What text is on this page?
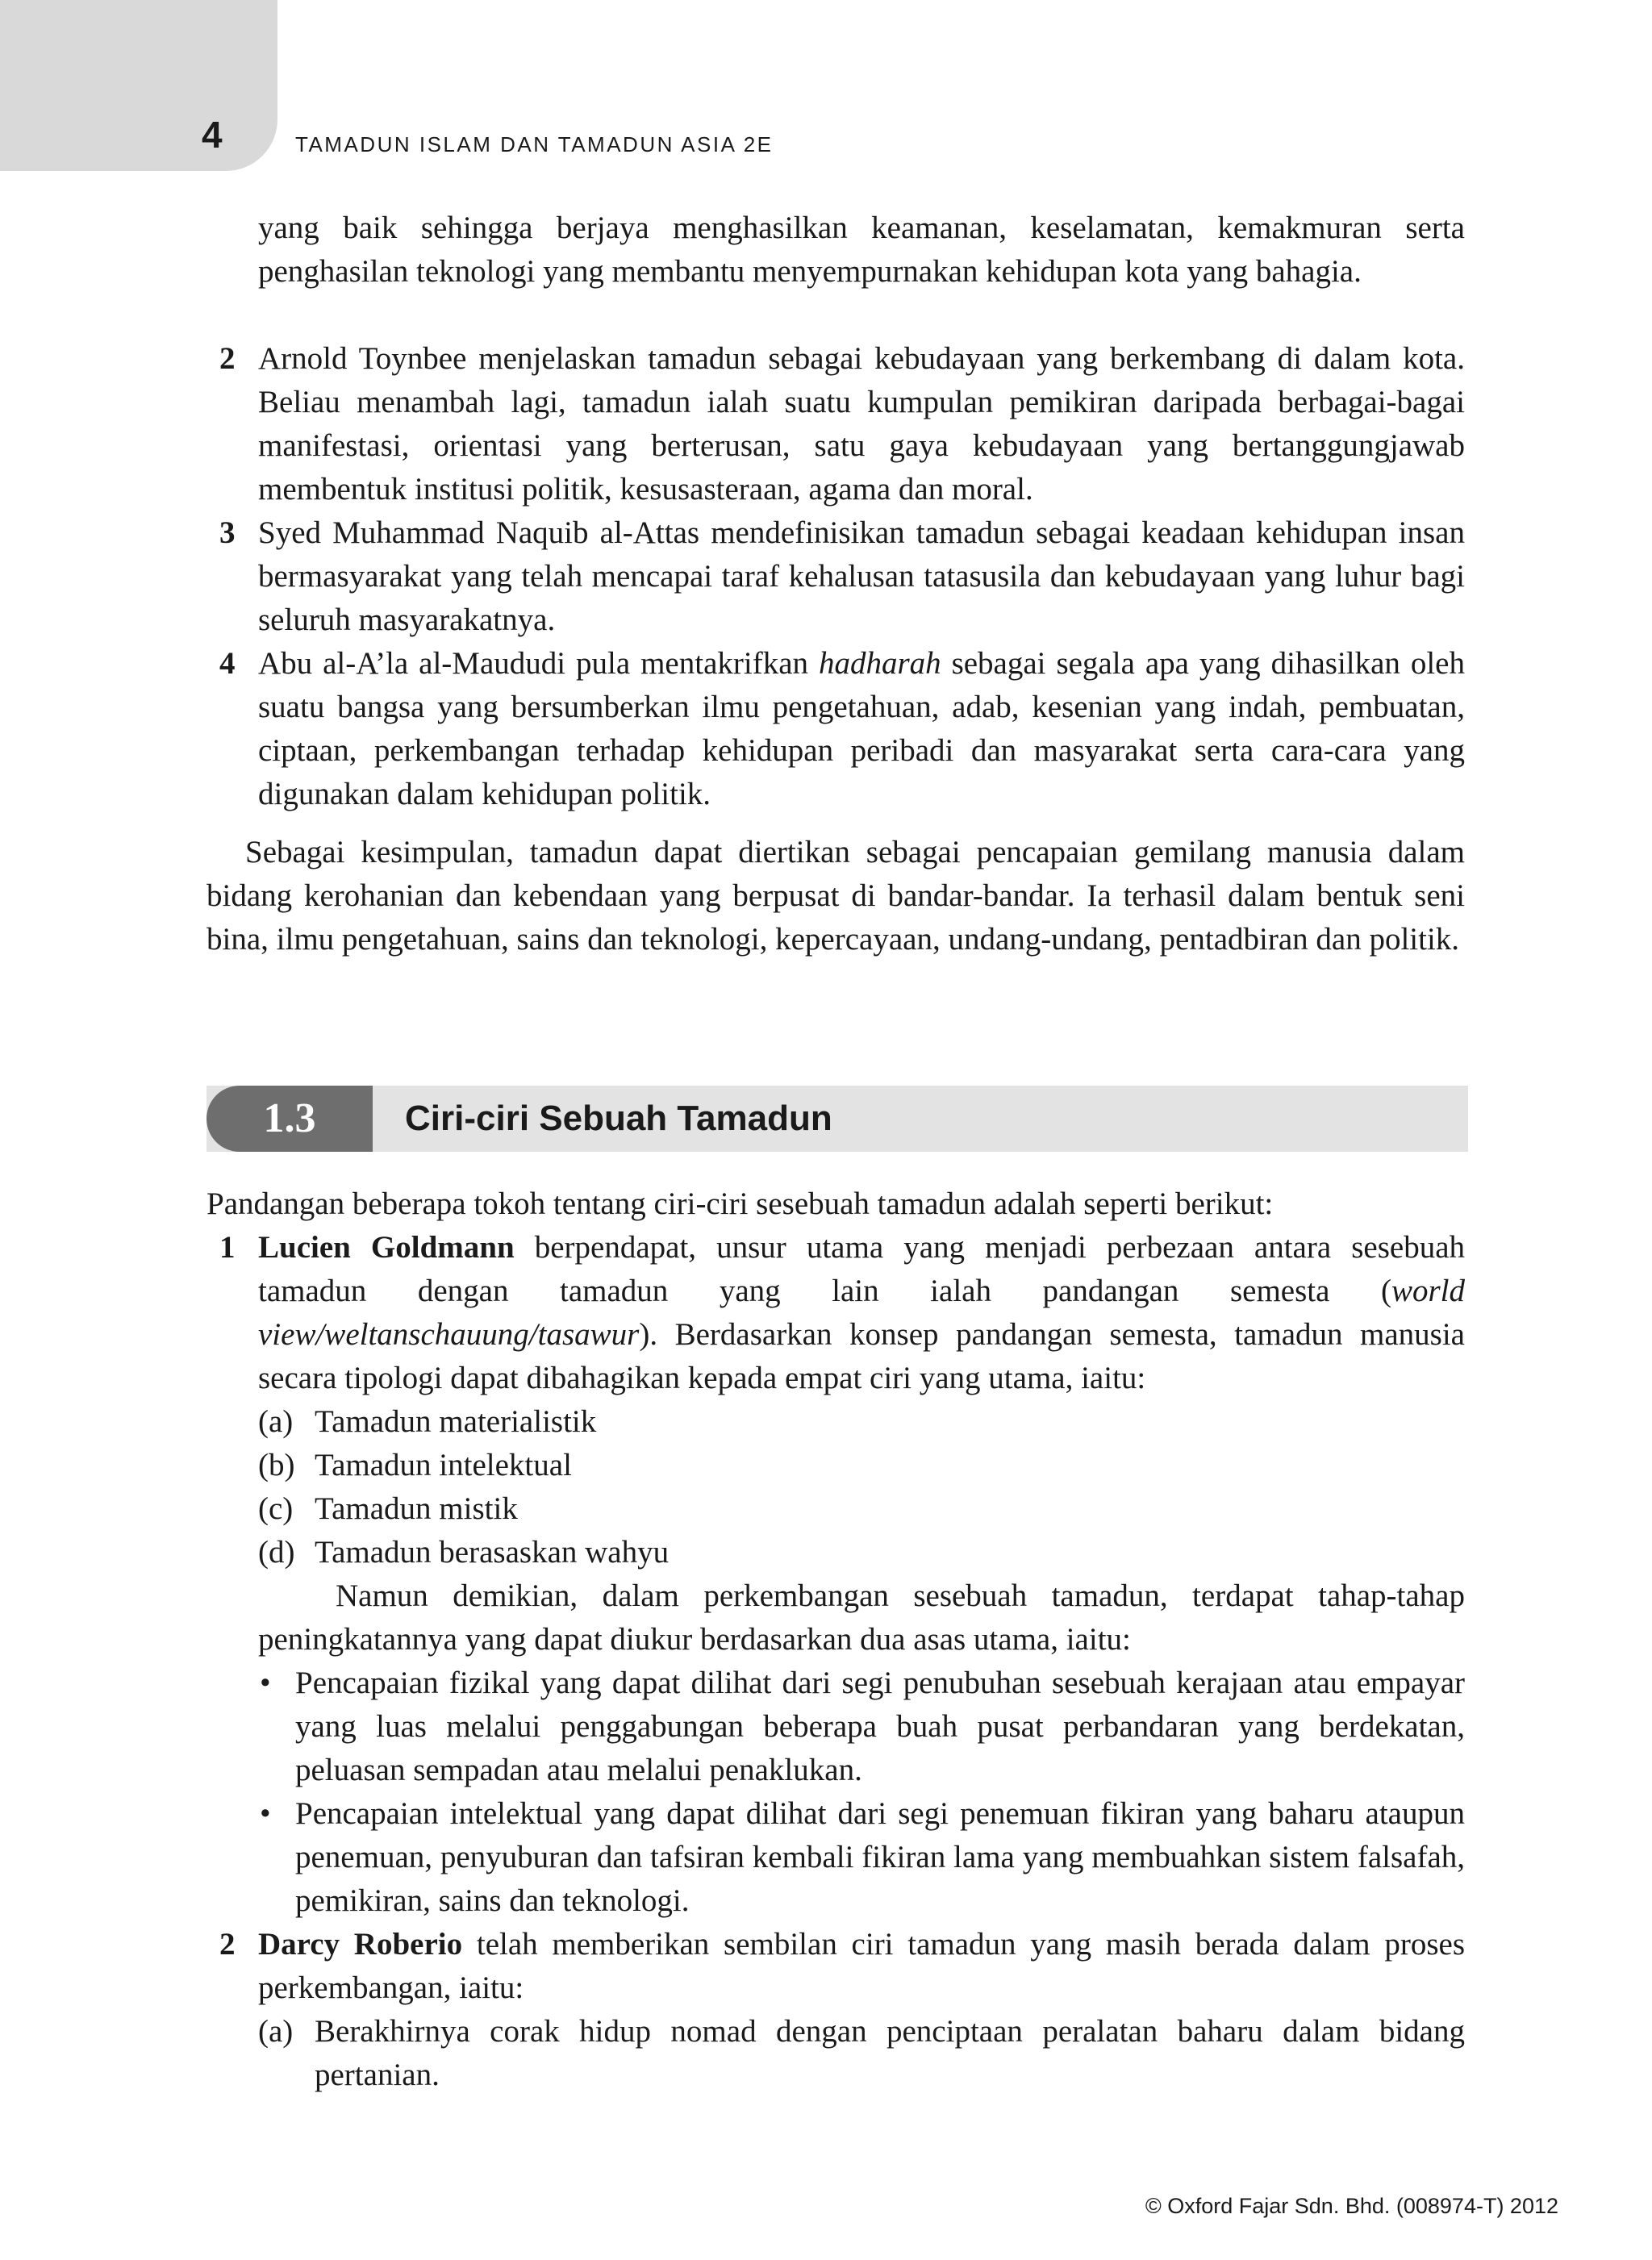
4	TAMADUN ISLAM DAN TAMADUN ASIA 2E

yang baik sehingga berjaya menghasilkan keamanan, keselamatan, kemakmuran serta penghasilan teknologi yang membantu menyempurnakan kehidupan kota yang bahagia.

2 Arnold Toynbee menjelaskan tamadun sebagai kebudayaan yang berkembang di dalam kota. Beliau menambah lagi, tamadun ialah suatu kumpulan pemikiran daripada berbagai-bagai manifestasi, orientasi yang berterusan, satu gaya kebudayaan yang bertanggungjawab membentuk institusi politik, kesusasteraan, agama dan moral.

3 Syed Muhammad Naquib al-Attas mendefinisikan tamadun sebagai keadaan kehidupan insan bermasyarakat yang telah mencapai taraf kehalusan tatasusila dan kebudayaan yang luhur bagi seluruh masyarakatnya.

4 Abu al-A’la al-Maududi pula mentakrifkan hadharah sebagai segala apa yang dihasilkan oleh suatu bangsa yang bersumberkan ilmu pengetahuan, adab, kesenian yang indah, pembuatan, ciptaan, perkembangan terhadap kehidupan peribadi dan masyarakat serta cara-cara yang digunakan dalam kehidupan politik.

Sebagai kesimpulan, tamadun dapat diertikan sebagai pencapaian gemilang manusia dalam bidang kerohanian dan kebendaan yang berpusat di bandar-bandar. Ia terhasil dalam bentuk seni bina, ilmu pengetahuan, sains dan teknologi, kepercayaan, undang-undang, pentadbiran dan politik.

1.3	Ciri-ciri Sebuah Tamadun

Pandangan beberapa tokoh tentang ciri-ciri sesebuah tamadun adalah seperti berikut:

1 Lucien Goldmann berpendapat, unsur utama yang menjadi perbezaan antara sesebuah tamadun dengan tamadun yang lain ialah pandangan semesta (world view/weltanschauung/tasawur). Berdasarkan konsep pandangan semesta, tamadun manusia secara tipologi dapat dibahagikan kepada empat ciri yang utama, iaitu:

(a) Tamadun materialistik
(b) Tamadun intelektual
(c) Tamadun mistik
(d) Tamadun berasaskan wahyu

Namun demikian, dalam perkembangan sesebuah tamadun, terdapat tahap-tahap peningkatannya yang dapat diukur berdasarkan dua asas utama, iaitu:

• Pencapaian fizikal yang dapat dilihat dari segi penubuhan sesebuah kerajaan atau empayar yang luas melalui penggabungan beberapa buah pusat perbandaran yang berdekatan, peluasan sempadan atau melalui penaklukan.

• Pencapaian intelektual yang dapat dilihat dari segi penemuan fikiran yang baharu ataupun penemuan, penyuburan dan tafsiran kembali fikiran lama yang membuahkan sistem falsafah, pemikiran, sains dan teknologi.

2 Darcy Roberio telah memberikan sembilan ciri tamadun yang masih berada dalam proses perkembangan, iaitu:

(a) Berakhirnya corak hidup nomad dengan penciptaan peralatan baharu dalam bidang pertanian.

© Oxford Fajar Sdn. Bhd. (008974-T) 2012
